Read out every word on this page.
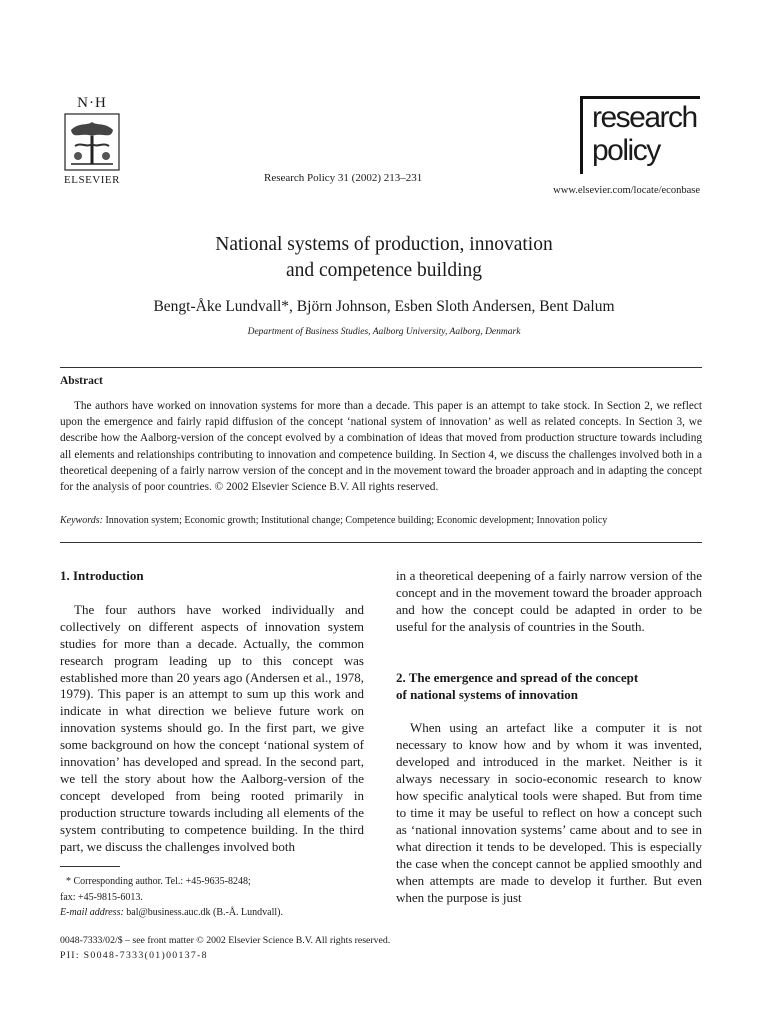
N·H
ELSEVIER	Research Policy 31 (2002) 213–231
research
policy
www.elsevier.com/locate/econbase
National systems of production, innovation
and competence building
Bengt-Åke Lundvall*, Björn Johnson, Esben Sloth Andersen, Bent Dalum
Department of Business Studies, Aalborg University, Aalborg, Denmark
Abstract
The authors have worked on innovation systems for more than a decade. This paper is an attempt to take stock. In Section 2, we reflect upon the emergence and fairly rapid diffusion of the concept ‘national system of innovation’ as well as related concepts. In Section 3, we describe how the Aalborg-version of the concept evolved by a combination of ideas that moved from production structure towards including all elements and relationships contributing to innovation and competence building. In Section 4, we discuss the challenges involved both in a theoretical deepening of a fairly narrow version of the concept and in the movement toward the broader approach and in adapting the concept for the analysis of poor countries. © 2002 Elsevier Science B.V. All rights reserved.
Keywords: Innovation system; Economic growth; Institutional change; Competence building; Economic development; Innovation policy
1. Introduction

The four authors have worked individually and collectively on different aspects of innovation system studies for more than a decade. Actually, the common research program leading up to this concept was established more than 20 years ago (Andersen et al., 1978, 1979). This paper is an attempt to sum up this work and indicate in what direction we believe future work on innovation systems should go. In the first part, we give some background on how the concept ‘national system of innovation’ has developed and spread. In the second part, we tell the story about how the Aalborg-version of the concept developed from being rooted primarily in production structure towards including all elements of the system contributing to competence building. In the third part, we discuss the challenges involved both

in a theoretical deepening of a fairly narrow version of the concept and in the movement toward the broader approach and how the concept could be adapted in order to be useful for the analysis of countries in the South.

2. The emergence and spread of the concept
of national systems of innovation

When using an artefact like a computer it is not necessary to know how and by whom it was invented, developed and introduced in the market. Neither is it always necessary in socio-economic research to know how specific analytical tools were shaped. But from time to time it may be useful to reflect on how a concept such as ‘national innovation systems’ came about and to see in what direction it tends to be developed. This is especially the case when the concept cannot be applied smoothly and when attempts are made to develop it further. But even when the purpose is just

* Corresponding author. Tel.: +45-9635-8248;
fax: +45-9815-6013.
E-mail address: bal@business.auc.dk (B.-Å. Lundvall).
0048-7333/02/$ – see front matter © 2002 Elsevier Science B.V. All rights reserved.
PII: S0048-7333(01)00137-8
